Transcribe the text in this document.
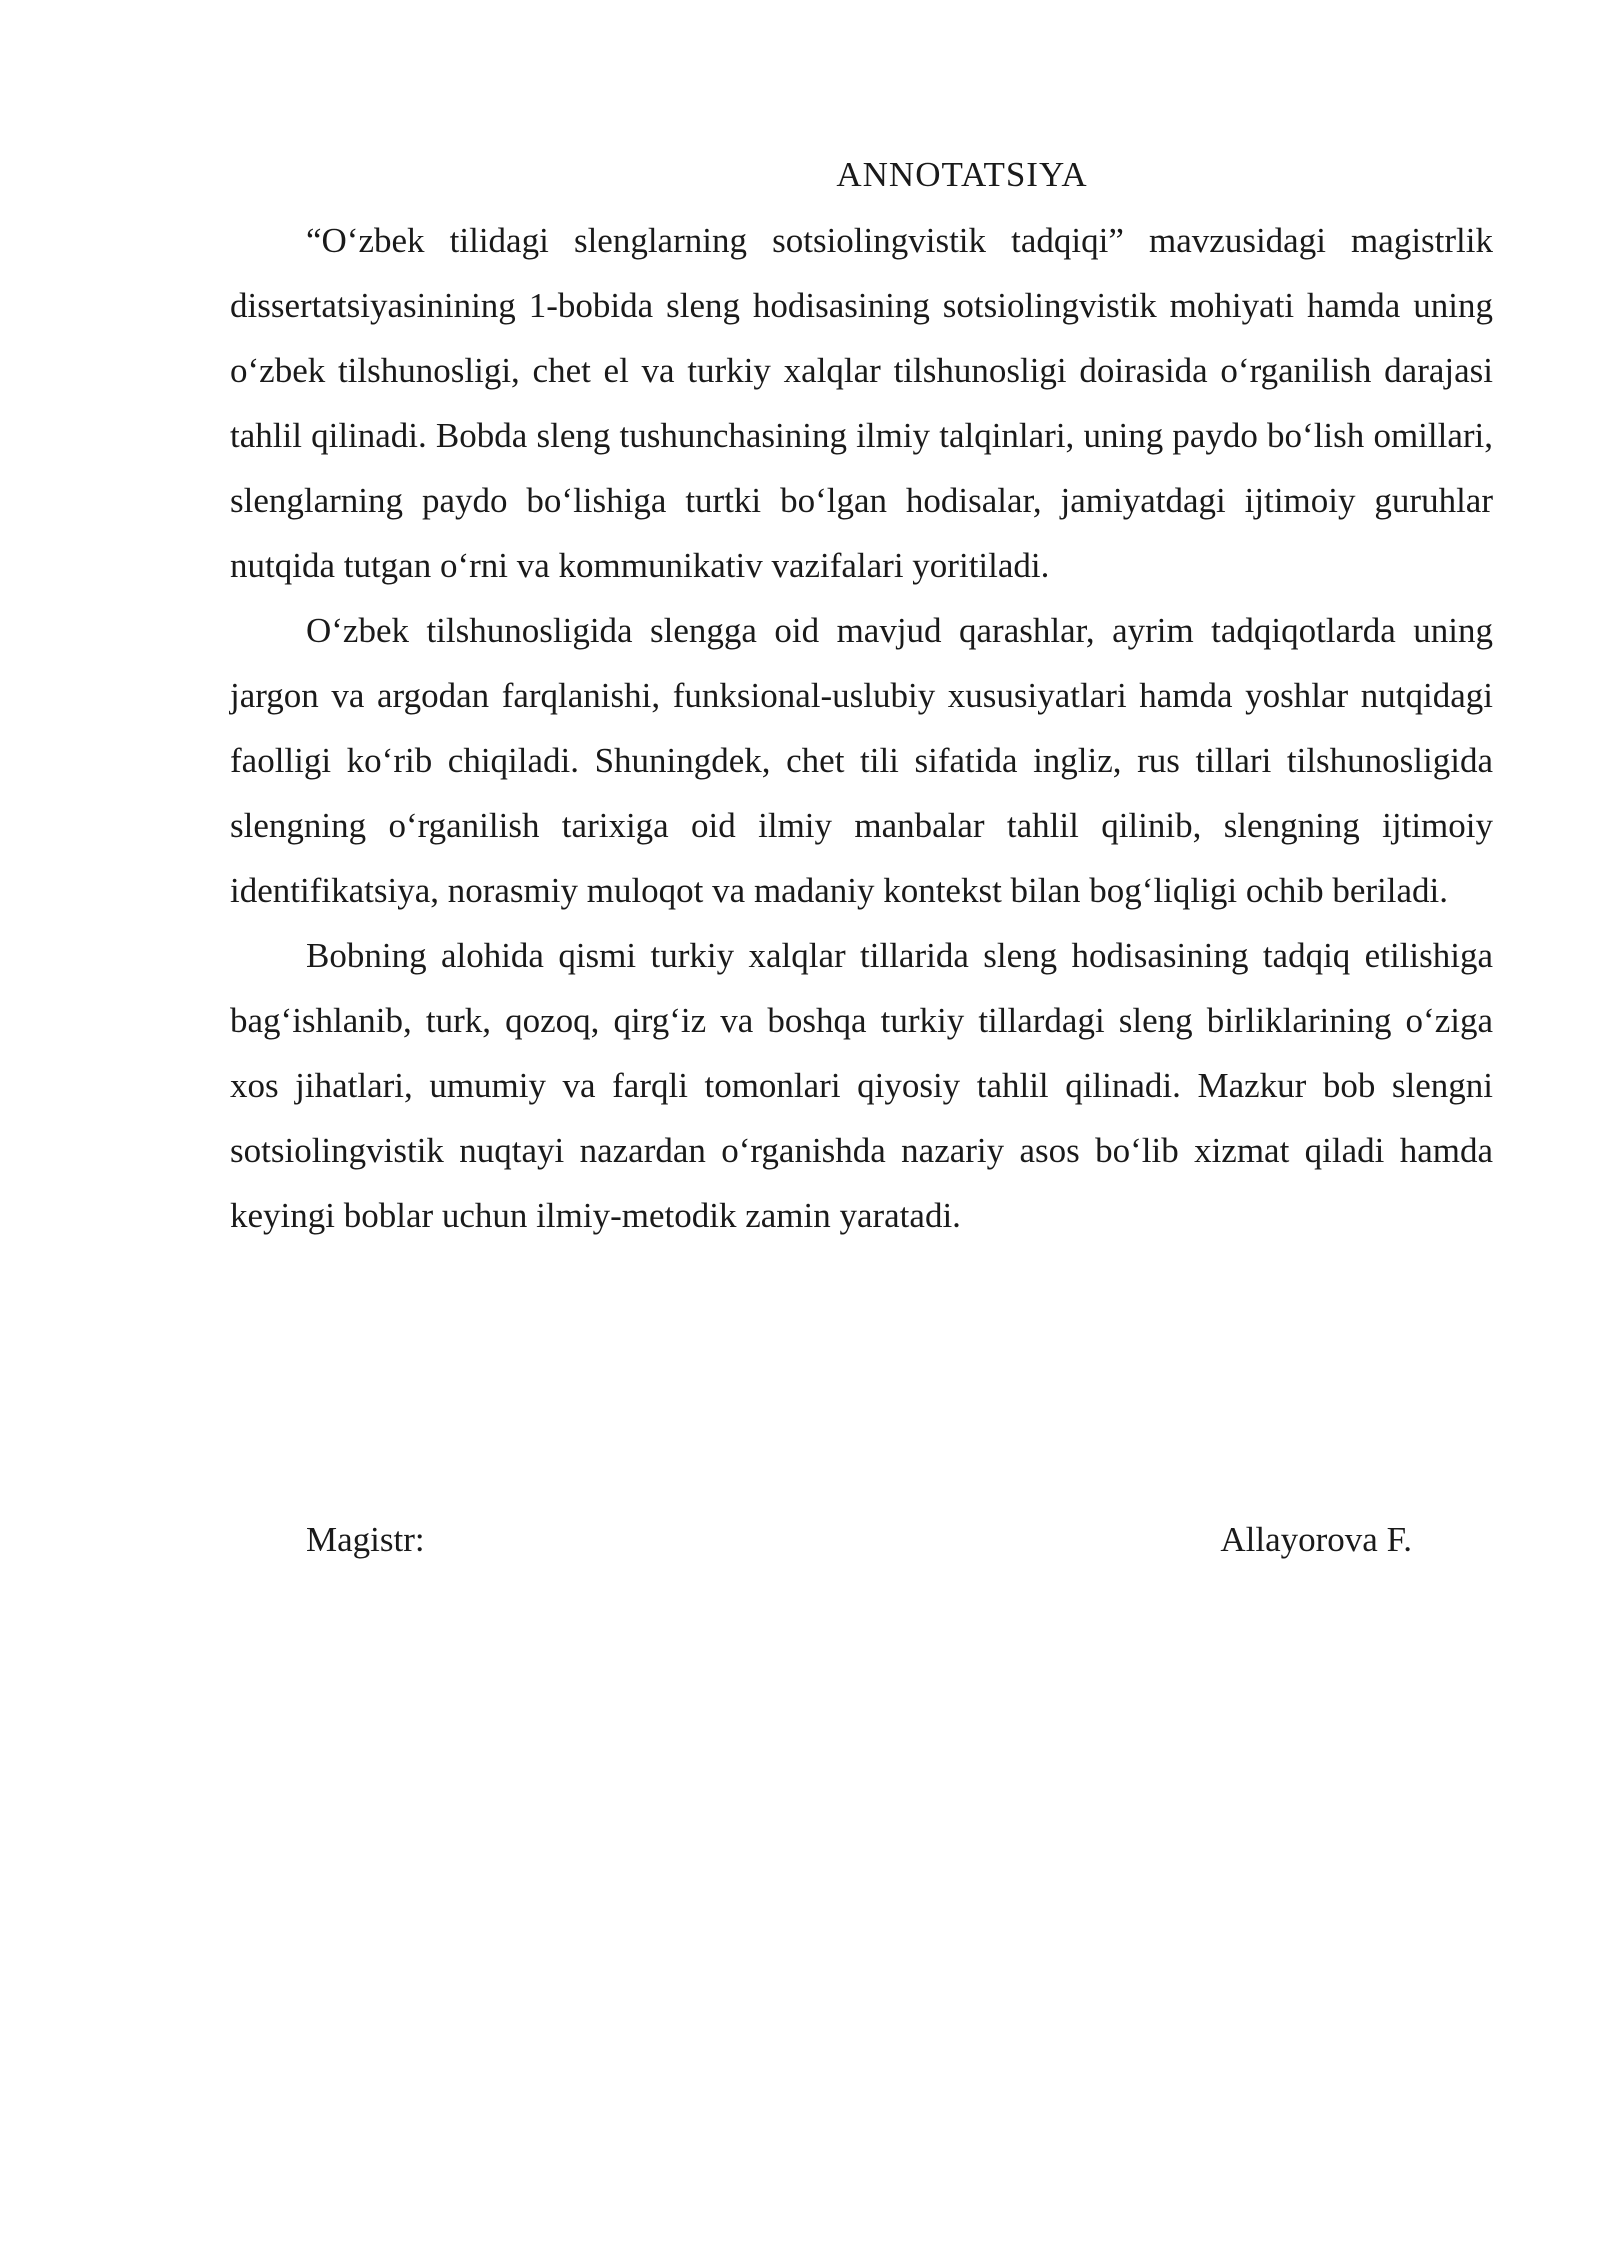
ANNOTATSIYA

“O‘zbek tilidagi slenglarning sotsiolingvistik tadqiqi” mavzusidagi magistrlik dissertatsiyasinining 1-bobida sleng hodisasining sotsiolingvistik mohiyati hamda uning o‘zbek tilshunosligi, chet el va turkiy xalqlar tilshunosligi doirasida o‘rganilish darajasi tahlil qilinadi. Bobda sleng tushunchasining ilmiy talqinlari, uning paydo bo‘lish omillari, slenglarning paydo bo‘lishiga turtki bo‘lgan hodisalar, jamiyatdagi ijtimoiy guruhlar nutqida tutgan o‘rni va kommunikativ vazifalari yoritiladi.

O‘zbek tilshunosligida slengga oid mavjud qarashlar, ayrim tadqiqotlarda uning jargon va argodan farqlanishi, funksional-uslubiy xususiyatlari hamda yoshlar nutqidagi faolligi ko‘rib chiqiladi. Shuningdek, chet tili sifatida ingliz, rus tillari tilshunosligida slengning o‘rganilish tarixiga oid ilmiy manbalar tahlil qilinib, slengning ijtimoiy identifikatsiya, norasmiy muloqot va madaniy kontekst bilan bog‘liqligi ochib beriladi.

Bobning alohida qismi turkiy xalqlar tillarida sleng hodisasining tadqiq etilishiga bag‘ishlanib, turk, qozoq, qirg‘iz va boshqa turkiy tillardagi sleng birliklarining o‘ziga xos jihatlari, umumiy va farqli tomonlari qiyosiy tahlil qilinadi. Mazkur bob slengni sotsiolingvistik nuqtayi nazardan o‘rganishda nazariy asos bo‘lib xizmat qiladi hamda keyingi boblar uchun ilmiy-metodik zamin yaratadi.

Magistr:	Allayorova F.
